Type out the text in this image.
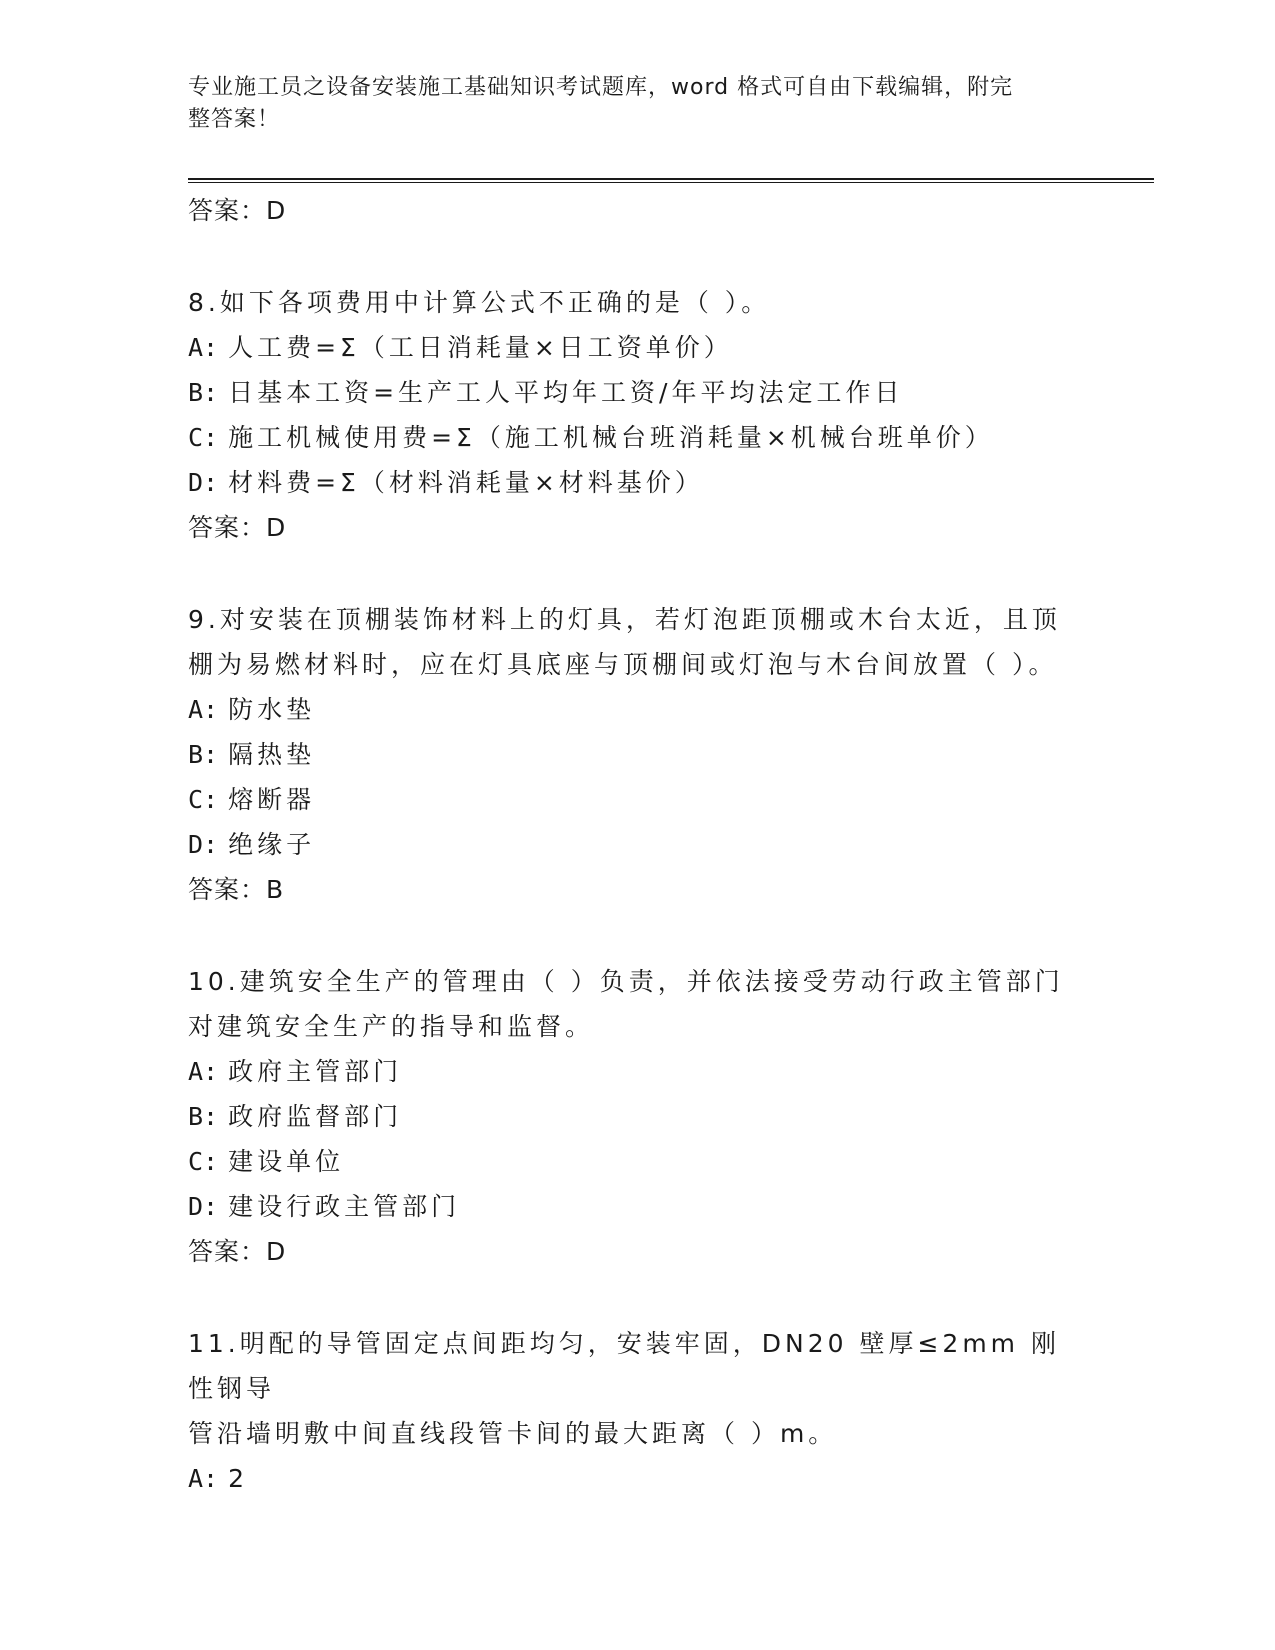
专业施工员之设备安装施工基础知识考试题库，word 格式可自由下载编辑，附完
整答案！
答案：D
8.如下各项费用中计算公式不正确的是（ ）。
A: 人工费=Σ（工日消耗量×日工资单价）
B: 日基本工资=生产工人平均年工资/年平均法定工作日
C: 施工机械使用费=Σ（施工机械台班消耗量×机械台班单价）
D: 材料费=Σ（材料消耗量×材料基价）
答案：D
9.对安装在顶棚装饰材料上的灯具，若灯泡距顶棚或木台太近，且顶
棚为易燃材料时，应在灯具底座与顶棚间或灯泡与木台间放置（ ）。
A: 防水垫
B: 隔热垫
C: 熔断器
D: 绝缘子
答案：B
10.建筑安全生产的管理由（ ）负责，并依法接受劳动行政主管部门
对建筑安全生产的指导和监督。
A: 政府主管部门
B: 政府监督部门
C: 建设单位
D: 建设行政主管部门
答案：D
11.明配的导管固定点间距均匀，安装牢固，DN20 壁厚≤2mm 刚性钢导
管沿墙明敷中间直线段管卡间的最大距离（ ）m。
A: 2
